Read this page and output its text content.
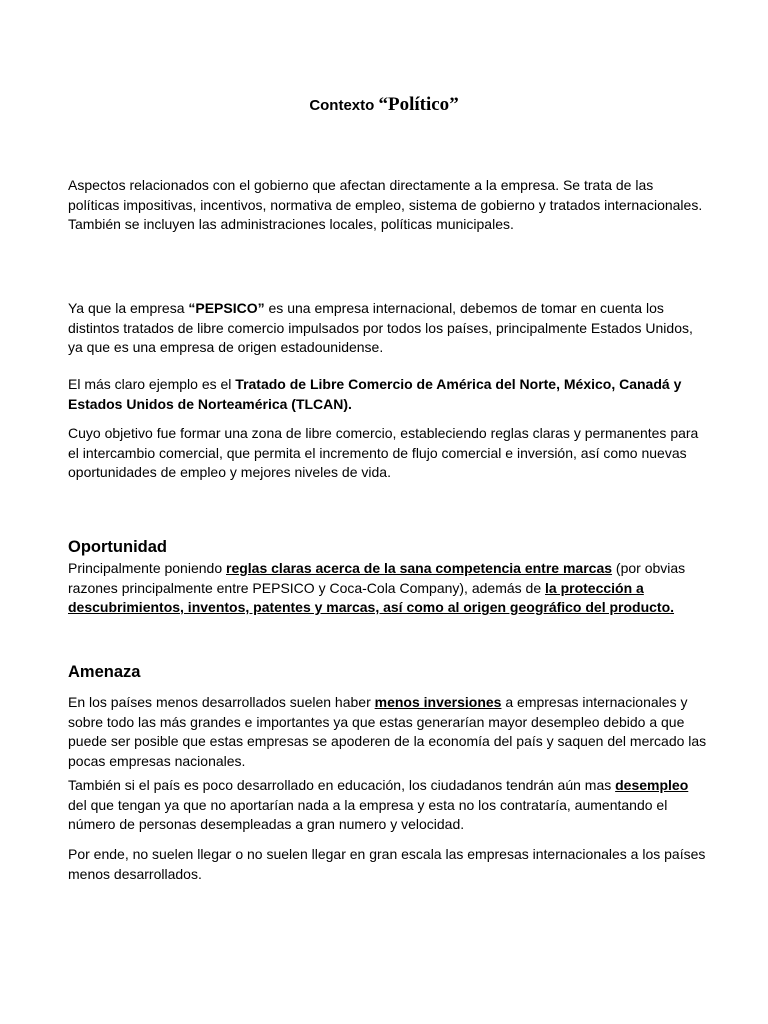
Contexto “Político”

Aspectos relacionados con el gobierno que afectan directamente a la empresa. Se trata de las políticas impositivas, incentivos, normativa de empleo, sistema de gobierno y tratados internacionales. También se incluyen las administraciones locales, políticas municipales.

Ya que la empresa “PEPSICO” es una empresa internacional, debemos de tomar en cuenta los distintos tratados de libre comercio impulsados por todos los países, principalmente Estados Unidos, ya que es una empresa de origen estadounidense.

El más claro ejemplo es el Tratado de Libre Comercio de América del Norte, México, Canadá y Estados Unidos de Norteamérica (TLCAN).

Cuyo objetivo fue formar una zona de libre comercio, estableciendo reglas claras y permanentes para el intercambio comercial, que permita el incremento de flujo comercial e inversión, así como nuevas oportunidades de empleo y mejores niveles de vida.

Oportunidad

Principalmente poniendo reglas claras acerca de la sana competencia entre marcas (por obvias razones principalmente entre PEPSICO y Coca-Cola Company), además de la protección a descubrimientos, inventos, patentes y marcas, así como al origen geográfico del producto.

Amenaza

En los países menos desarrollados suelen haber menos inversiones a empresas internacionales y sobre todo las más grandes e importantes ya que estas generarían mayor desempleo debido a que puede ser posible que estas empresas se apoderen de la economía del país y saquen del mercado las pocas empresas nacionales.

También si el país es poco desarrollado en educación, los ciudadanos tendrán aún mas desempleo del que tengan ya que no aportarían nada a la empresa y esta no los contrataría, aumentando el número de personas desempleadas a gran numero y velocidad.

Por ende, no suelen llegar o no suelen llegar en gran escala las empresas internacionales a los países menos desarrollados.
